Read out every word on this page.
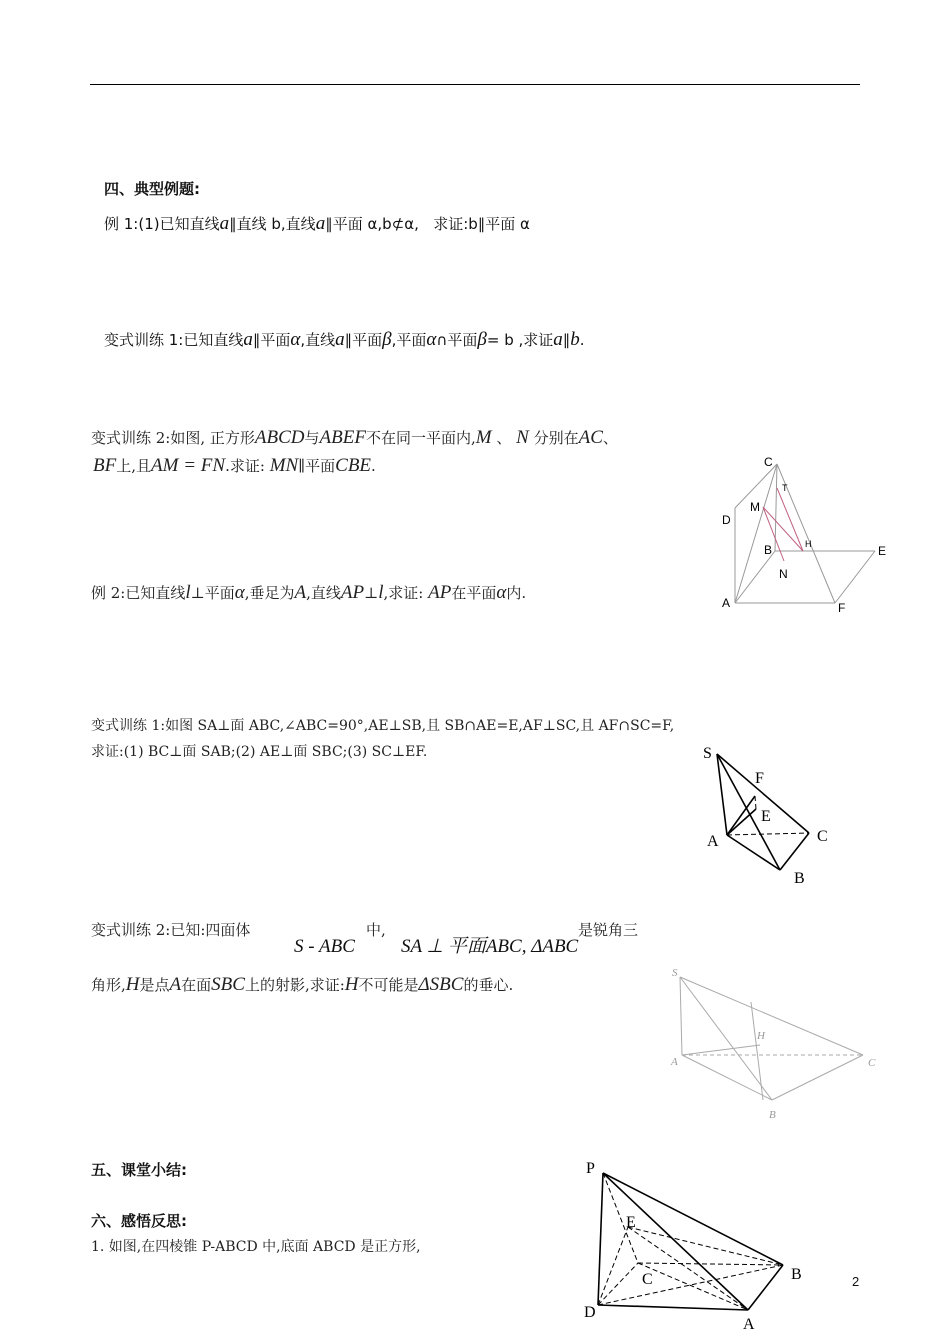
四、典型例题:
例 1:(1)已知直线a∥直线 b,直线a∥平面 α,b⊄α, 求证:b∥平面 α
变式训练 1:已知直线a∥平面α,直线a∥平面β,平面α∩平面β= b ,求证a∥b.
变式训练 2:如图, 正方形ABCD与ABEF不在同一平面内,M 、 N 分别在AC、
BF上,且AM = FN.求证: MN∥平面CBE.	C
T
M
D
B	H	E
N
A	F
例 2:已知直线l⊥平面α,垂足为A,直线AP⊥l,求证: AP在平面α内.
变式训练 1:如图 SA⊥面 ABC,∠ABC=90°,AE⊥SB,且 SB∩AE=E,AF⊥SC,且 AF∩SC=F,
求证:(1) BC⊥面 SAB;(2) AE⊥面 SBC;(3) SC⊥EF.	S
F
E
C
A
B
变式训练 2:已知:四面体	中,	是锐角三
S - ABC SA ⊥ 平面ABC, ΔABC
角形,H是点A在面SBC上的射影,求证:H不可能是ΔSBC的垂心.
S
H
A	C
B
五、课堂小结:
六、感悟反思:
1. 如图,在四棱锥 P-ABCD 中,底面 ABCD 是正方形,
P
E
C	B
D
A
2
